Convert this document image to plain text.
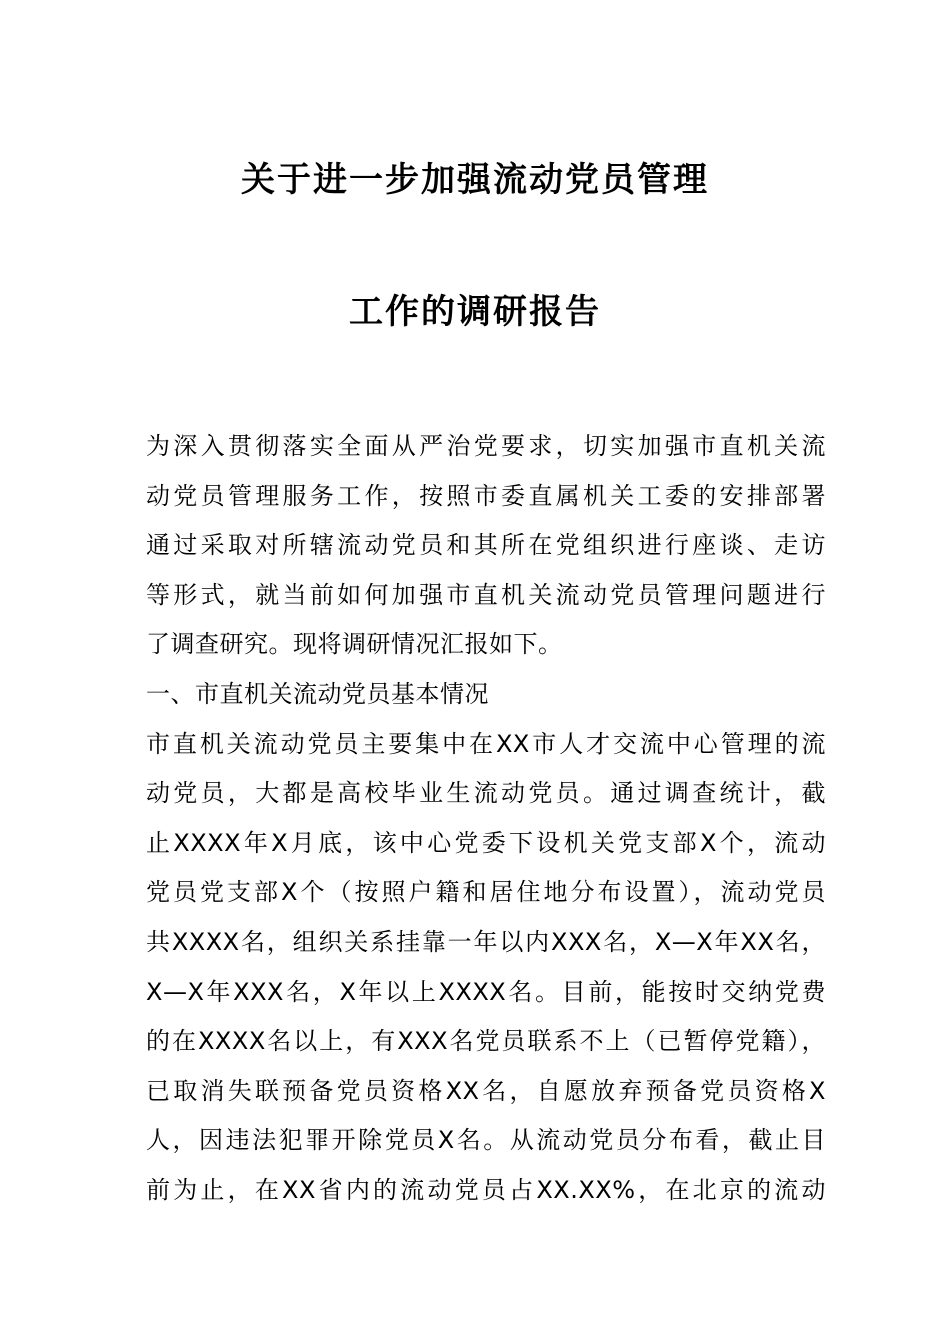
关于进一步加强流动党员管理
工作的调研报告
为深入贯彻落实全面从严治党要求，切实加强市直机关流
动党员管理服务工作，按照市委直属机关工委的安排部署
通过采取对所辖流动党员和其所在党组织进行座谈、走访
等形式，就当前如何加强市直机关流动党员管理问题进行
了调查研究。现将调研情况汇报如下。
一、市直机关流动党员基本情况
市直机关流动党员主要集中在XX市人才交流中心管理的流
动党员，大都是高校毕业生流动党员。通过调查统计，截
止XXXX年X月底，该中心党委下设机关党支部X个，流动
党员党支部X个（按照户籍和居住地分布设置），流动党员
共XXXX名，组织关系挂靠一年以内XXX名，X—X年XX名，
X—X年XXX名，X年以上XXXX名。目前，能按时交纳党费
的在XXXX名以上，有XXX名党员联系不上（已暂停党籍），
已取消失联预备党员资格XX名，自愿放弃预备党员资格X
人，因违法犯罪开除党员X名。从流动党员分布看，截止目
前为止，在XX省内的流动党员占XX.XX%，在北京的流动
